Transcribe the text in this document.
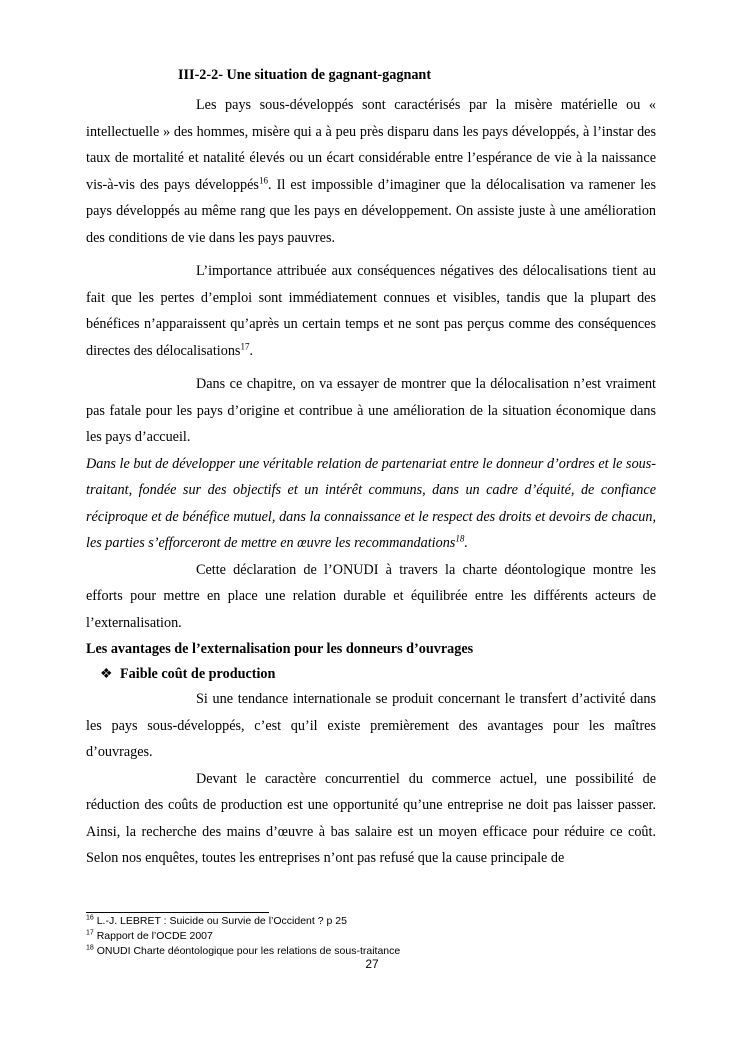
III-2-2- Une situation de gagnant-gagnant

Les pays sous-développés sont caractérisés par la misère matérielle ou « intellectuelle » des hommes, misère qui a à peu près disparu dans les pays développés, à l’instar des taux de mortalité et natalité élevés ou un écart considérable entre l’espérance de vie à la naissance vis-à-vis des pays développés$^{16}$. Il est impossible d’imaginer que la délocalisation va ramener les pays développés au même rang que les pays en développement. On assiste juste à une amélioration des conditions de vie dans les pays pauvres.

L’importance attribuée aux conséquences négatives des délocalisations tient au fait que les pertes d’emploi sont immédiatement connues et visibles, tandis que la plupart des bénéfices n’apparaissent qu’après un certain temps et ne sont pas perçus comme des conséquences directes des délocalisations$^{17}$.

Dans ce chapitre, on va essayer de montrer que la délocalisation n’est vraiment pas fatale pour les pays d’origine et contribue à une amélioration de la situation économique dans les pays d’accueil.

Dans le but de développer une véritable relation de partenariat entre le donneur d’ordres et le sous-traitant, fondée sur des objectifs et un intérêt communs, dans un cadre d’équité, de confiance réciproque et de bénéfice mutuel, dans la connaissance et le respect des droits et devoirs de chacun, les parties s’efforceront de mettre en œuvre les recommandations$^{18}$.

Cette déclaration de l’ONUDI à travers la charte déontologique montre les efforts pour mettre en place une relation durable et équilibrée entre les différents acteurs de l’externalisation.

Les avantages de l’externalisation pour les donneurs d’ouvrages

❖ Faible coût de production

Si une tendance internationale se produit concernant le transfert d’activité dans les pays sous-développés, c’est qu’il existe premièrement des avantages pour les maîtres d’ouvrages.

Devant le caractère concurrentiel du commerce actuel, une possibilité de réduction des coûts de production est une opportunité qu’une entreprise ne doit pas laisser passer. Ainsi, la recherche des mains d’œuvre à bas salaire est un moyen efficace pour réduire ce coût. Selon nos enquêtes, toutes les entreprises n’ont pas refusé que la cause principale de

$^{16}$ L.-J. LEBRET : Suicide ou Survie de l’Occident ? p 25
$^{17}$ Rapport de l’OCDE 2007
$^{18}$ ONUDI Charte déontologique pour les relations de sous-traitance
27
